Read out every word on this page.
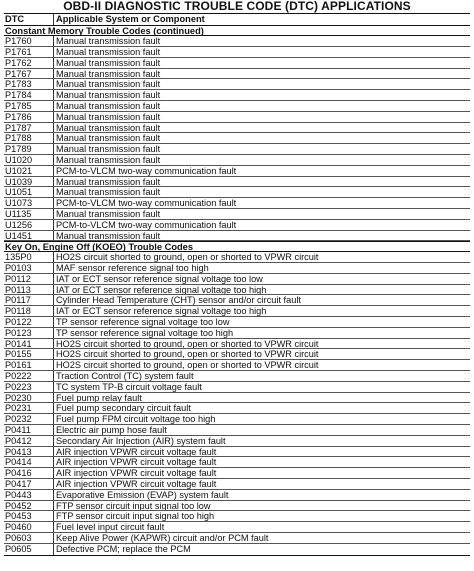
OBD-II DIAGNOSTIC TROUBLE CODE (DTC) APPLICATIONS
DTC	Applicable System or Component
Constant Memory Trouble Codes (continued)
P1760	Manual transmission fault
P1761	Manual transmission fault
P1762	Manual transmission fault
P1767	Manual transmission fault
P1783	Manual transmission fault
P1784	Manual transmission fault
P1785	Manual transmission fault
P1786	Manual transmission fault
P1787	Manual transmission fault
P1788	Manual transmission fault
P1789	Manual transmission fault
U1020	Manual transmission fault
U1021	PCM-to-VLCM two-way communication fault
U1039	Manual transmission fault
U1051	Manual transmission fault
U1073	PCM-to-VLCM two-way communication fault
U1135	Manual transmission fault
U1256	PCM-to-VLCM two-way communication fault
U1451	Manual transmission fault
Key On, Engine Off (KOEO) Trouble Codes
135P0	HO2S circuit shorted to ground, open or shorted to VPWR circuit
P0103	MAF sensor reference signal too high
P0112	IAT or ECT sensor reference signal voltage too low
P0113	IAT or ECT sensor reference signal voltage too high
P0117	Cylinder Head Temperature (CHT) sensor and/or circuit fault
P0118	IAT or ECT sensor reference signal voltage too high
P0122	TP sensor reference signal voltage too low
P0123	TP sensor reference signal voltage too high
P0141	HO2S circuit shorted to ground, open or shorted to VPWR circuit
P0155	HO2S circuit shorted to ground, open or shorted to VPWR circuit
P0161	HO2S circuit shorted to ground, open or shorted to VPWR circuit
P0222	Traction Control (TC) system fault
P0223	TC system TP-B circuit voltage fault
P0230	Fuel pump relay fault
P0231	Fuel pump secondary circuit fault
P0232	Fuel pump FPM circuit voltage too high
P0411	Electric air pump hose fault
P0412	Secondary Air Injection (AIR) system fault
P0413	AIR injection VPWR circuit voltage fault
P0414	AIR injection VPWR circuit voltage fault
P0416	AIR injection VPWR circuit voltage fault
P0417	AIR injection VPWR circuit voltage fault
P0443	Evaporative Emission (EVAP) system fault
P0452	FTP sensor circuit input signal too low
P0453	FTP sensor circuit input signal too high
P0460	Fuel level input circuit fault
P0603	Keep Alive Power (KAPWR) circuit and/or PCM fault
P0605	Defective PCM; replace the PCM
